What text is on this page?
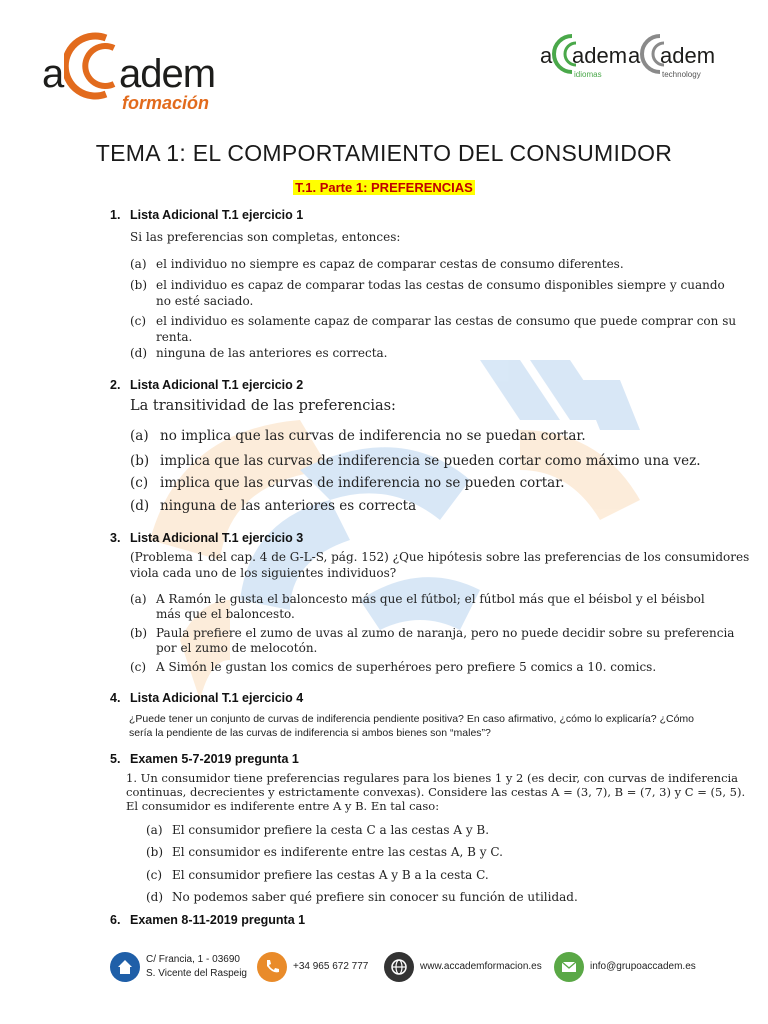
a adem
formación
a adem
idiomas
a adem
technology
TEMA 1: EL COMPORTAMIENTO DEL CONSUMIDOR
T.1. Parte 1: PREFERENCIAS
1. Lista Adicional T.1 ejercicio 1
Si las preferencias son completas, entonces:
(a) el individuo no siempre es capaz de comparar cestas de consumo diferentes.
(b) el individuo es capaz de comparar todas las cestas de consumo disponibles siempre y cuando
no esté saciado.
(c) el individuo es solamente capaz de comparar las cestas de consumo que puede comprar con su
renta.
(d) ninguna de las anteriores es correcta.
2. Lista Adicional T.1 ejercicio 2
La transitividad de las preferencias:
(a) no implica que las curvas de indiferencia no se puedan cortar.
(b) implica que las curvas de indiferencia se pueden cortar como máximo una vez.
(c) implica que las curvas de indiferencia no se pueden cortar.
(d) ninguna de las anteriores es correcta
3. Lista Adicional T.1 ejercicio 3
(Problema 1 del cap. 4 de G-L-S, pág. 152) ¿Que hipótesis sobre las preferencias de los consumidores
viola cada uno de los siguientes individuos?
(a) A Ramón le gusta el baloncesto más que el fútbol; el fútbol más que el béisbol y el béisbol
más que el baloncesto.
(b) Paula prefiere el zumo de uvas al zumo de naranja, pero no puede decidir sobre su preferencia
por el zumo de melocotón.
(c) A Simón le gustan los comics de superhéroes pero prefiere 5 comics a 10. comics.
4. Lista Adicional T.1 ejercicio 4
¿Puede tener un conjunto de curvas de indiferencia pendiente positiva? En caso afirmativo, ¿cómo lo explicaría? ¿Cómo sería la pendiente de las curvas de indiferencia si ambos bienes son “males”?
5. Examen 5-7-2019 pregunta 1
1. Un consumidor tiene preferencias regulares para los bienes 1 y 2 (es decir, con curvas de indiferencia
continuas, decrecientes y estrictamente convexas). Considere las cestas A = (3, 7), B = (7, 3) y C = (5, 5).
El consumidor es indiferente entre A y B. En tal caso:
(a) El consumidor prefiere la cesta C a las cestas A y B.
(b) El consumidor es indiferente entre las cestas A, B y C.
(c) El consumidor prefiere las cestas A y B a la cesta C.
(d) No podemos saber qué prefiere sin conocer su función de utilidad.
6. Examen 8-11-2019 pregunta 1
C/ Francia, 1 - 03690
S. Vicente del Raspeig
+34 965 672 777	www.accademformacion.es	info@grupoaccadem.es
